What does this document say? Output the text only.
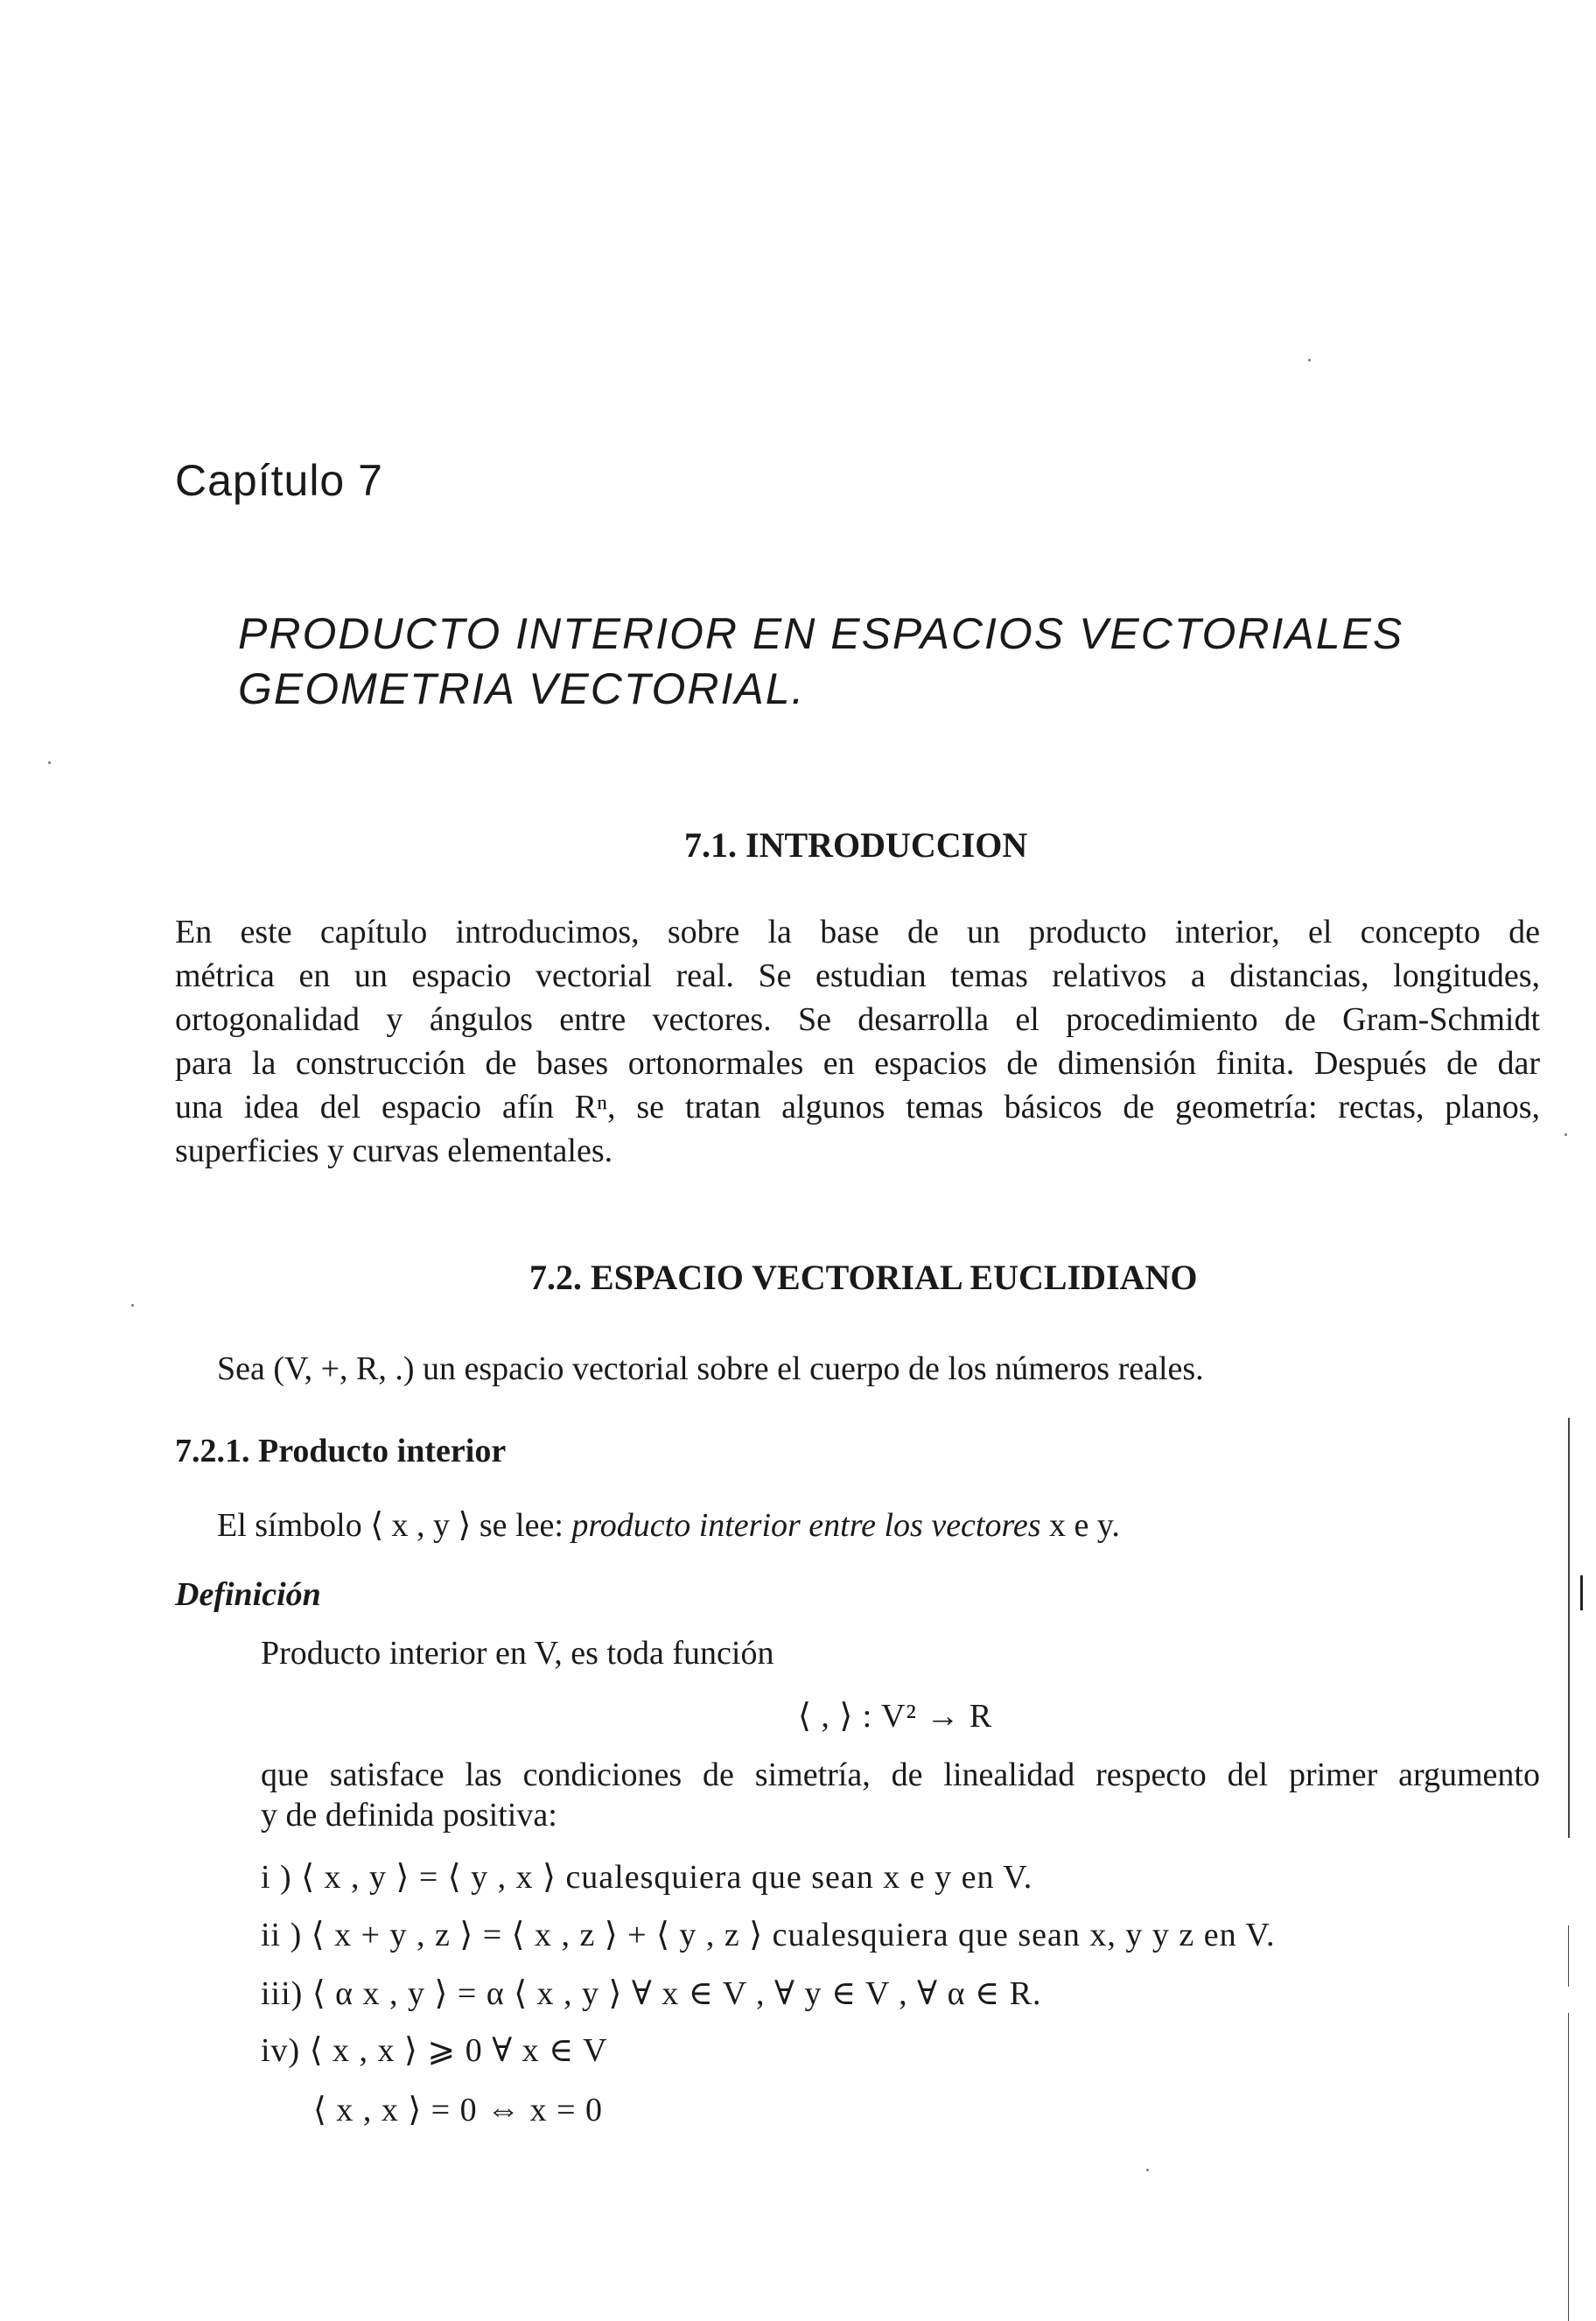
Capítulo 7

PRODUCTO INTERIOR EN ESPACIOS VECTORIALES

GEOMETRIA VECTORIAL.

7.1. INTRODUCCION

En este capítulo introducimos, sobre la base de un producto interior, el concepto de
métrica en un espacio vectorial real. Se estudian temas relativos a distancias, longitudes,
ortogonalidad y ángulos entre vectores. Se desarrolla el procedimiento de Gram-Schmidt
para la construcción de bases ortonormales en espacios de dimensión finita. Después de dar
una idea del espacio afín Rⁿ, se tratan algunos temas básicos de geometría: rectas, planos,
superficies y curvas elementales.

7.2. ESPACIO VECTORIAL EUCLIDIANO

Sea (V, +, R, .) un espacio vectorial sobre el cuerpo de los números reales.

7.2.1. Producto interior

El símbolo ⟨ x , y ⟩ se lee: producto interior entre los vectores x e y.

Definición

Producto interior en V, es toda función

⟨ , ⟩ : V² → R

que satisface las condiciones de simetría, de linealidad respecto del primer argumento
y de definida positiva:

i ) ⟨ x , y ⟩ = ⟨ y , x ⟩ cualesquiera que sean x e y en V.

ii ) ⟨ x + y , z ⟩ = ⟨ x , z ⟩ + ⟨ y , z ⟩ cualesquiera que sean x, y y z en V.

iii) ⟨ α x , y ⟩ = α ⟨ x , y ⟩ ∀ x ∈ V , ∀ y ∈ V , ∀ α ∈ R.

iv) ⟨ x , x ⟩ ⩾ 0 ∀ x ∈ V

⟨ x , x ⟩ = 0 ⇔ x = 0
